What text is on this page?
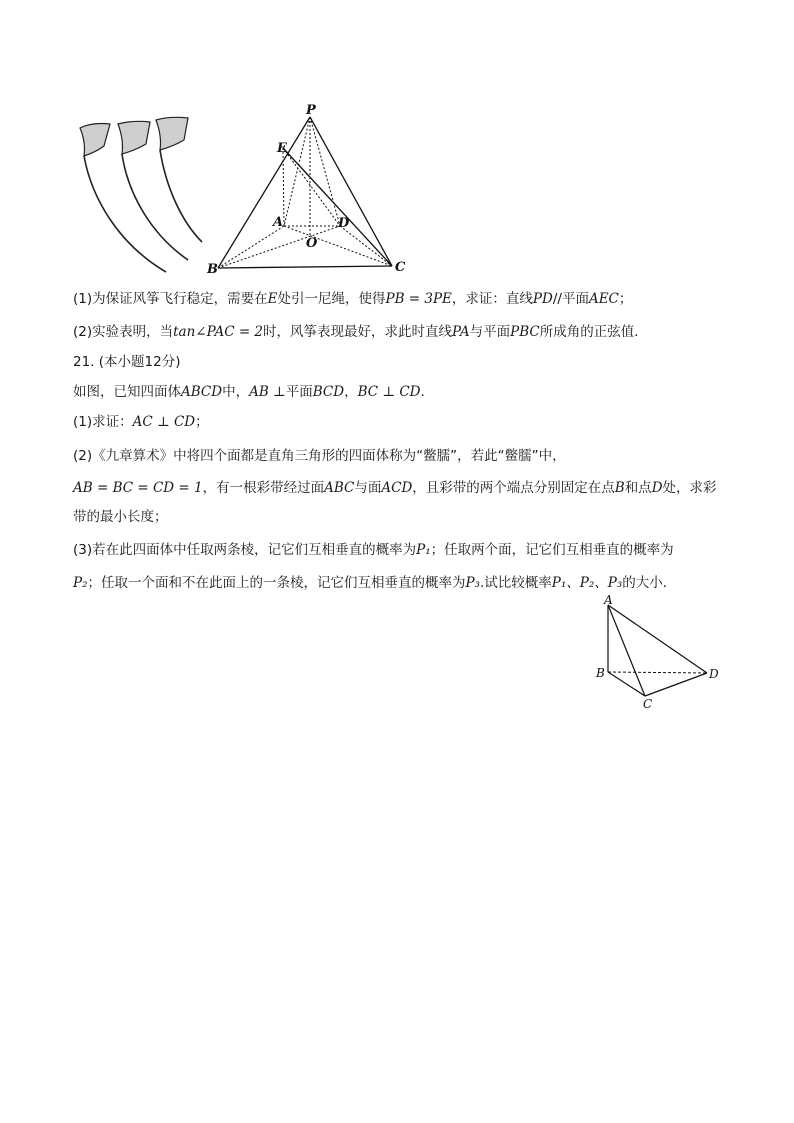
P
E
A	D
O
B	C
(1)为保证风筝飞行稳定，需要在E处引一尼绳，使得PB = 3PE，求证：直线PD//平面AEC；
(2)实验表明，当tan∠PAC = 2时，风筝表现最好，求此时直线PA与平面PBC所成角的正弦值．
21. (本小题12分)
如图，已知四面体ABCD中，AB ⊥平面BCD，BC ⊥ CD．
(1)求证：AC ⊥ CD；
(2)《九章算术》中将四个面都是直角三角形的四面体称为“鳖臑”，若此“鳖臑”中，
AB = BC = CD = 1，有一根彩带经过面ABC与面ACD，且彩带的两个端点分别固定在点B和点D处，求彩
带的最小长度；
(3)若在此四面体中任取两条棱，记它们互相垂直的概率为P₁；任取两个面，记它们互相垂直的概率为
P₂；任取一个面和不在此面上的一条棱，记它们互相垂直的概率为P₃.试比较概率P₁、P₂、P₃的大小．
A
B
C
D
